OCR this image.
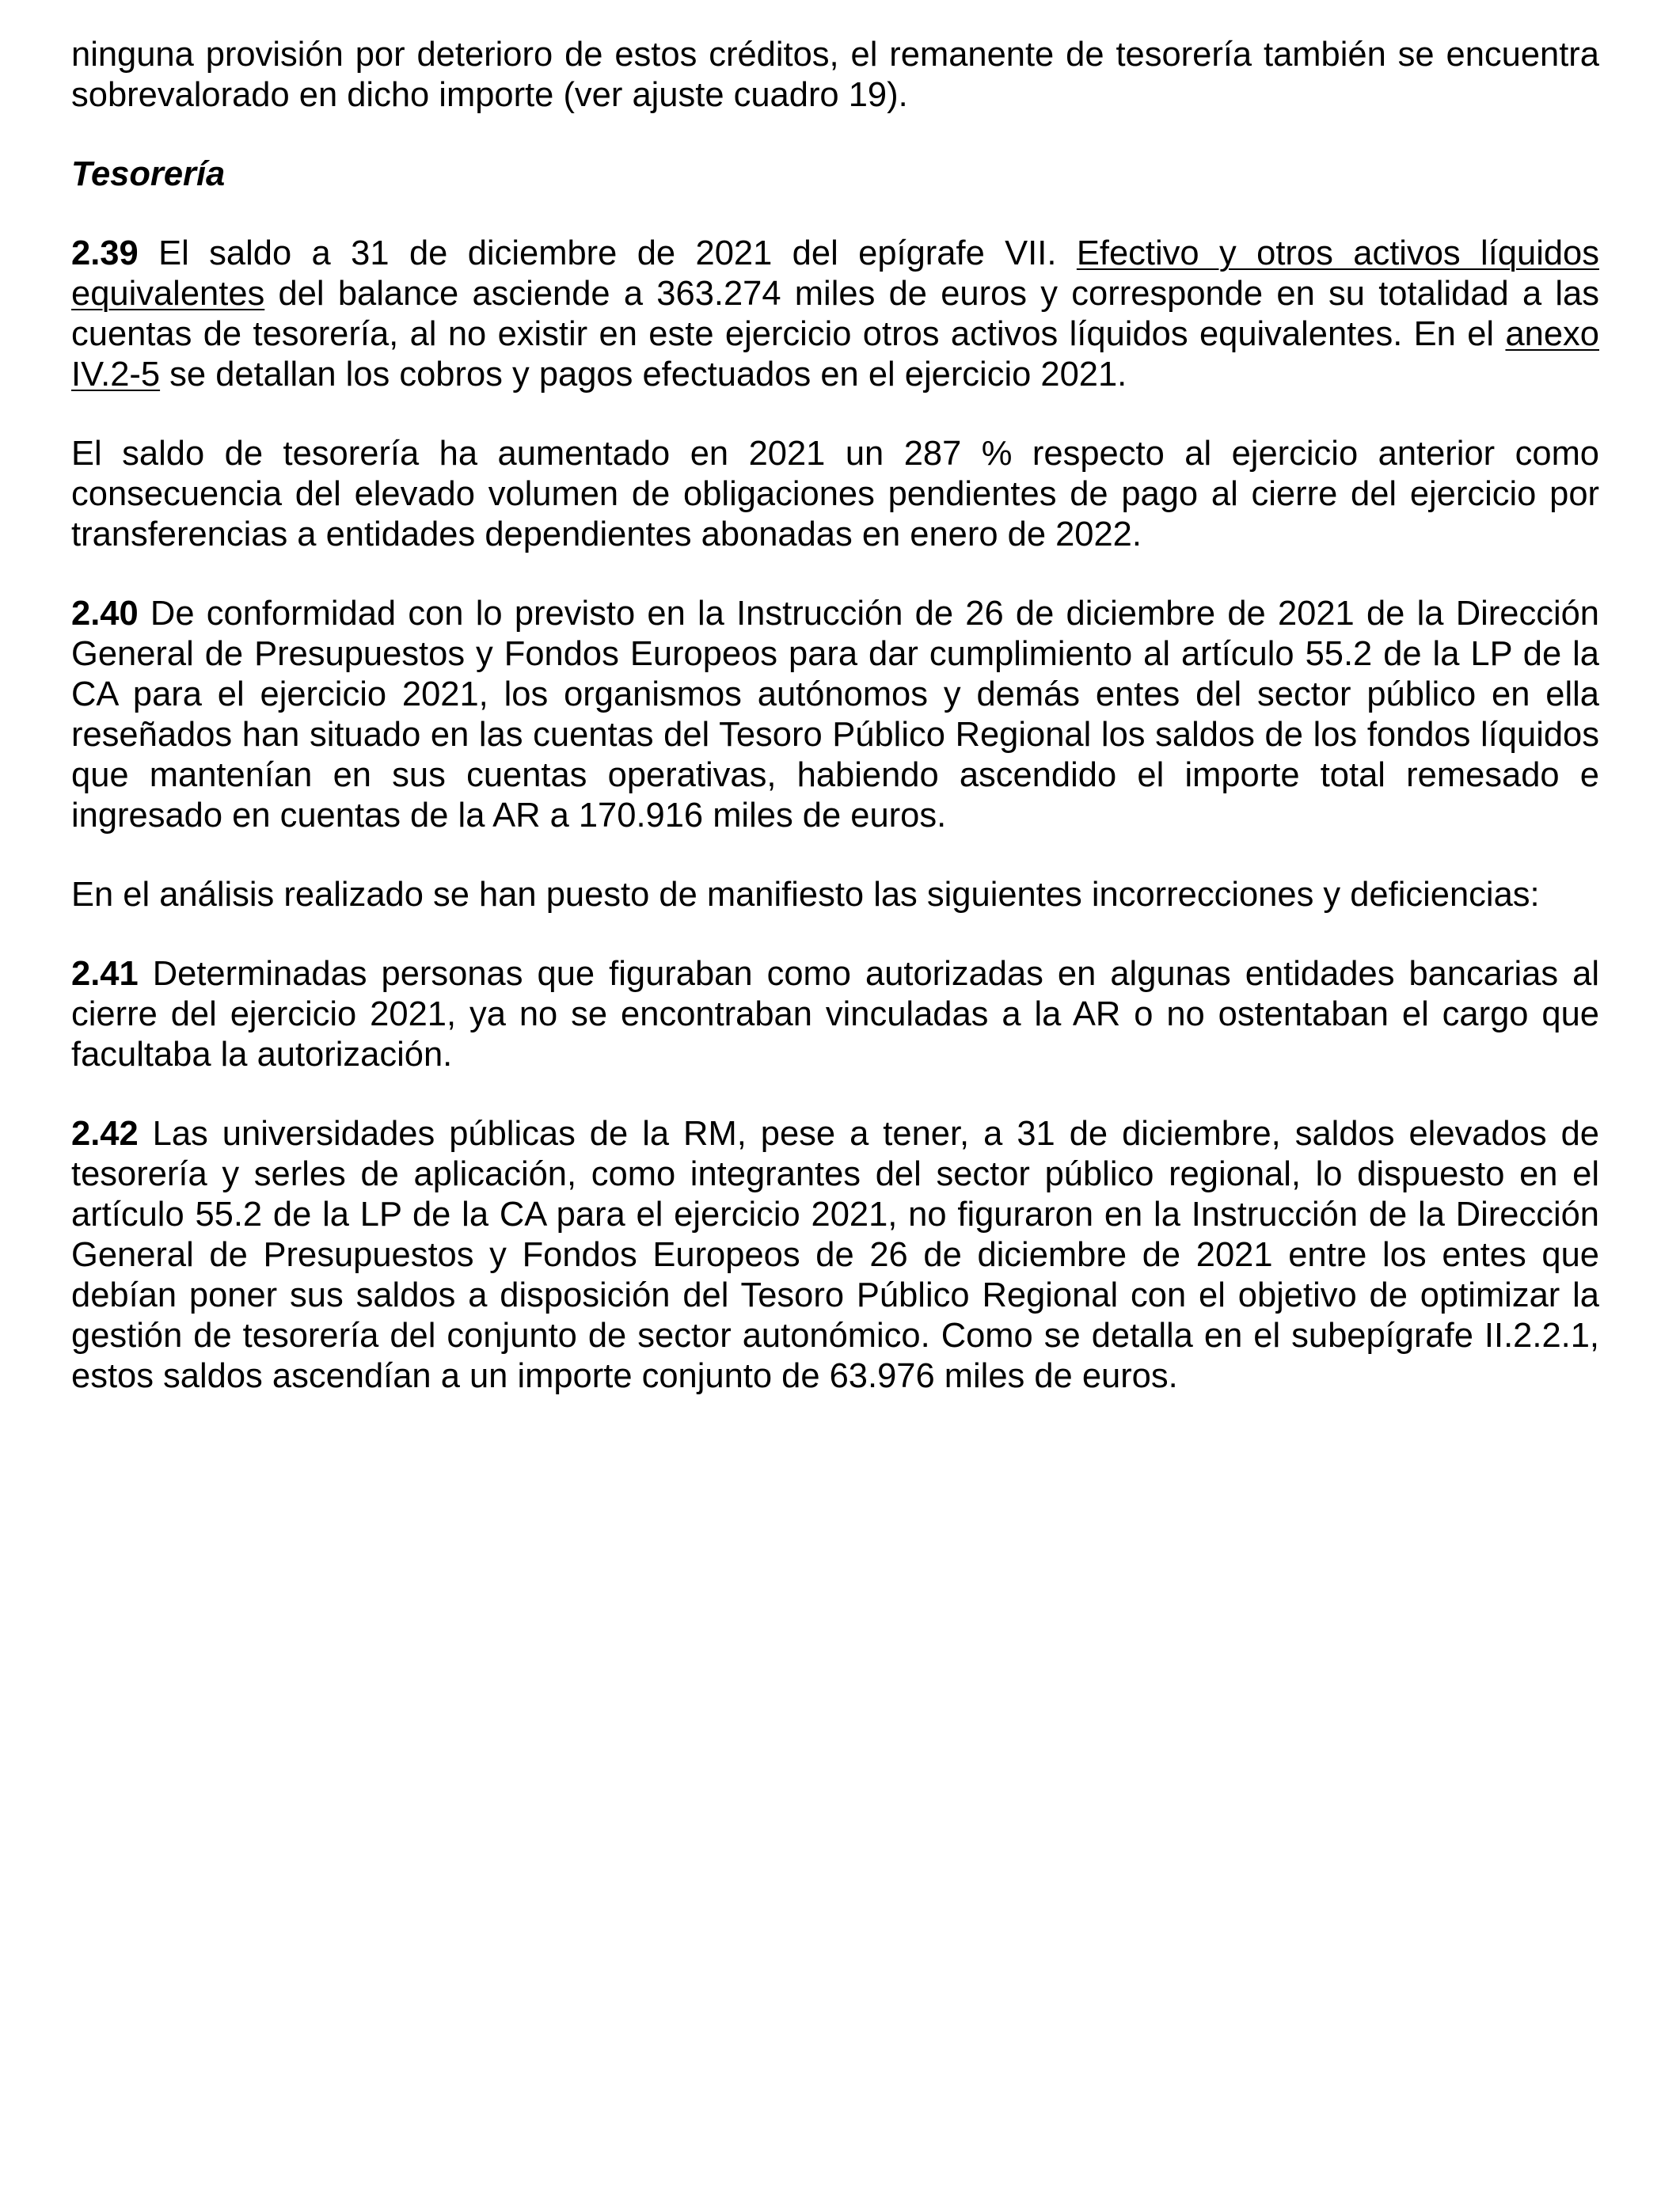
ninguna provisión por deterioro de estos créditos, el remanente de tesorería también se encuentra sobrevalorado en dicho importe (ver ajuste cuadro 19).

Tesorería

2.39 El saldo a 31 de diciembre de 2021 del epígrafe VII. Efectivo y otros activos líquidos equivalentes del balance asciende a 363.274 miles de euros y corresponde en su totalidad a las cuentas de tesorería, al no existir en este ejercicio otros activos líquidos equivalentes. En el anexo IV.2-5 se detallan los cobros y pagos efectuados en el ejercicio 2021.

El saldo de tesorería ha aumentado en 2021 un 287 % respecto al ejercicio anterior como consecuencia del elevado volumen de obligaciones pendientes de pago al cierre del ejercicio por transferencias a entidades dependientes abonadas en enero de 2022.

2.40 De conformidad con lo previsto en la Instrucción de 26 de diciembre de 2021 de la Dirección General de Presupuestos y Fondos Europeos para dar cumplimiento al artículo 55.2 de la LP de la CA para el ejercicio 2021, los organismos autónomos y demás entes del sector público en ella reseñados han situado en las cuentas del Tesoro Público Regional los saldos de los fondos líquidos que mantenían en sus cuentas operativas, habiendo ascendido el importe total remesado e ingresado en cuentas de la AR a 170.916 miles de euros.

En el análisis realizado se han puesto de manifiesto las siguientes incorrecciones y deficiencias:

2.41 Determinadas personas que figuraban como autorizadas en algunas entidades bancarias al cierre del ejercicio 2021, ya no se encontraban vinculadas a la AR o no ostentaban el cargo que facultaba la autorización.

2.42 Las universidades públicas de la RM, pese a tener, a 31 de diciembre, saldos elevados de tesorería y serles de aplicación, como integrantes del sector público regional, lo dispuesto en el artículo 55.2 de la LP de la CA para el ejercicio 2021, no figuraron en la Instrucción de la Dirección General de Presupuestos y Fondos Europeos de 26 de diciembre de 2021 entre los entes que debían poner sus saldos a disposición del Tesoro Público Regional con el objetivo de optimizar la gestión de tesorería del conjunto de sector autonómico. Como se detalla en el subepígrafe II.2.2.1, estos saldos ascendían a un importe conjunto de 63.976 miles de euros.
